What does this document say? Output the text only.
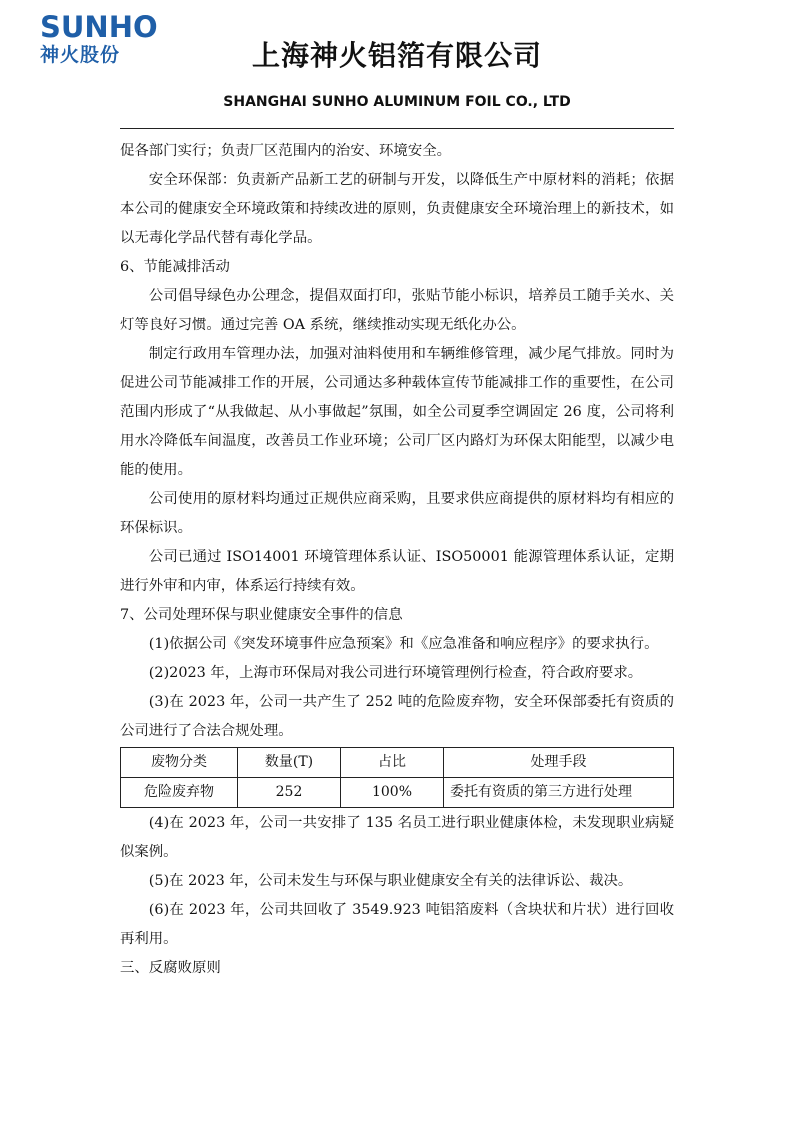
SUNHO
神火股份	上海神火铝箔有限公司
SHANGHAI SUNHO ALUMINUM FOIL CO., LTD

促各部门实行；负责厂区范围内的治安、环境安全。

安全环保部：负责新产品新工艺的研制与开发，以降低生产中原材料的消耗；依据本公司的健康安全环境政策和持续改进的原则，负责健康安全环境治理上的新技术，如以无毒化学品代替有毒化学品。

6、节能减排活动

公司倡导绿色办公理念，提倡双面打印，张贴节能小标识，培养员工随手关水、关灯等良好习惯。通过完善 OA 系统，继续推动实现无纸化办公。

制定行政用车管理办法，加强对油料使用和车辆维修管理，减少尾气排放。同时为促进公司节能减排工作的开展，公司通达多种载体宣传节能减排工作的重要性，在公司范围内形成了“从我做起、从小事做起”氛围，如全公司夏季空调固定 26 度，公司将利用水冷降低车间温度，改善员工作业环境；公司厂区内路灯为环保太阳能型，以减少电能的使用。

公司使用的原材料均通过正规供应商采购，且要求供应商提供的原材料均有相应的环保标识。

公司已通过 ISO14001 环境管理体系认证、ISO50001 能源管理体系认证，定期进行外审和内审，体系运行持续有效。

7、公司处理环保与职业健康安全事件的信息

(1)依据公司《突发环境事件应急预案》和《应急准备和响应程序》的要求执行。

(2)2023 年，上海市环保局对我公司进行环境管理例行检查，符合政府要求。

(3)在 2023 年，公司一共产生了 252 吨的危险废弃物，安全环保部委托有资质的公司进行了合法合规处理。

废物分类	数量(T)	占比	处理手段
危险废弃物	252	100%	委托有资质的第三方进行处理

(4)在 2023 年，公司一共安排了 135 名员工进行职业健康体检，未发现职业病疑似案例。

(5)在 2023 年，公司未发生与环保与职业健康安全有关的法律诉讼、裁决。

(6)在 2023 年，公司共回收了 3549.923 吨铝箔废料（含块状和片状）进行回收再利用。

三、反腐败原则
